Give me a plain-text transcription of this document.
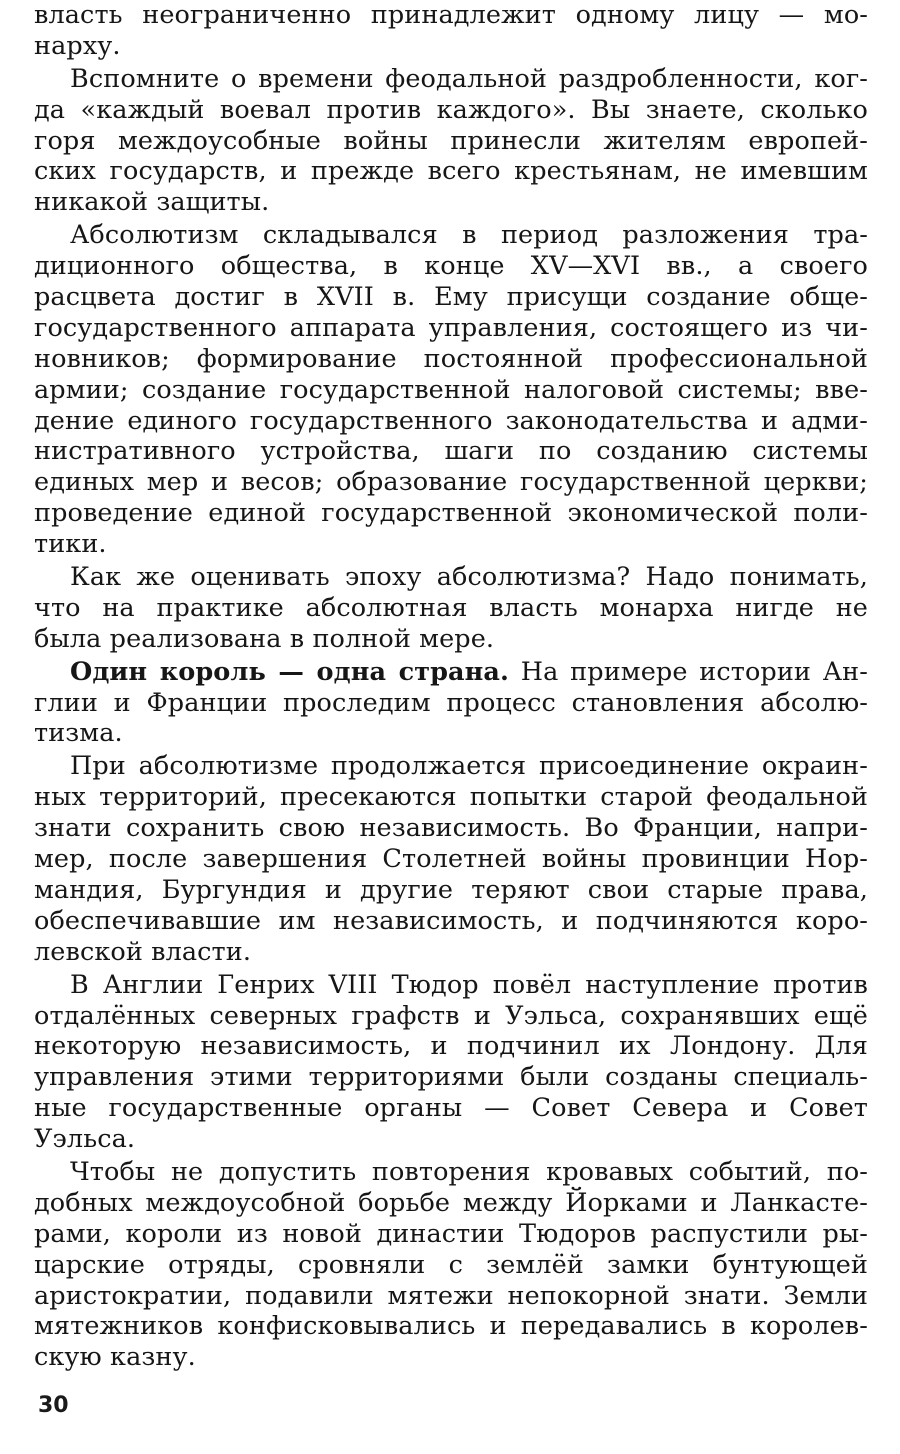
власть неограниченно принадлежит одному лицу — мо-
нарху.
Вспомните о времени феодальной раздробленности, ког-
да «каждый воевал против каждого». Вы знаете, сколько
горя междоусобные войны принесли жителям европей-
ских государств, и прежде всего крестьянам, не имевшим
никакой защиты.
Абсолютизм складывался в период разложения тра-
диционного общества, в конце XV—XVI вв., а своего
расцвета достиг в XVII в. Ему присущи создание обще-
государственного аппарата управления, состоящего из чи-
новников; формирование постоянной профессиональной
армии; создание государственной налоговой системы; вве-
дение единого государственного законодательства и адми-
нистративного устройства, шаги по созданию системы
единых мер и весов; образование государственной церкви;
проведение единой государственной экономической поли-
тики.
Как же оценивать эпоху абсолютизма? Надо понимать,
что на практике абсолютная власть монарха нигде не
была реализована в полной мере.
Один король — одна страна. На примере истории Ан-
глии и Франции проследим процесс становления абсолю-
тизма.
При абсолютизме продолжается присоединение окраин-
ных территорий, пресекаются попытки старой феодальной
знати сохранить свою независимость. Во Франции, напри-
мер, после завершения Столетней войны провинции Нор-
мандия, Бургундия и другие теряют свои старые права,
обеспечивавшие им независимость, и подчиняются коро-
левской власти.
В Англии Генрих VIII Тюдор повёл наступление против
отдалённых северных графств и Уэльса, сохранявших ещё
некоторую независимость, и подчинил их Лондону. Для
управления этими территориями были созданы специаль-
ные государственные органы — Совет Севера и Совет
Уэльса.
Чтобы не допустить повторения кровавых событий, по-
добных междоусобной борьбе между Йорками и Ланкасте-
рами, короли из новой династии Тюдоров распустили ры-
царские отряды, сровняли с землёй замки бунтующей
аристократии, подавили мятежи непокорной знати. Земли
мятежников конфисковывались и передавались в королев-
скую казну.
30
